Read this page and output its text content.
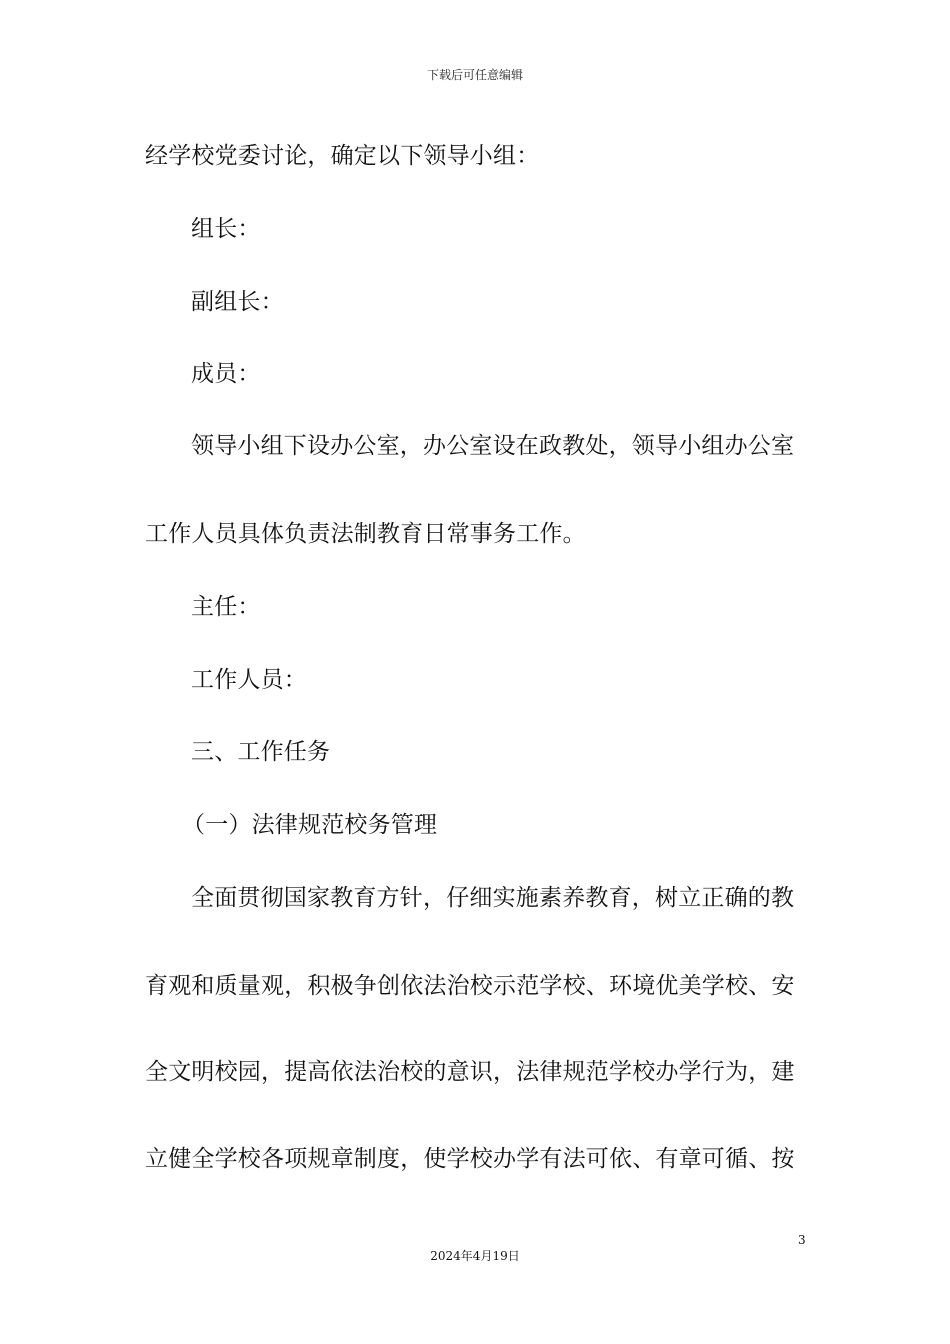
下载后可任意编辑
经学校党委讨论，确定以下领导小组：
组长：
副组长：
成员：
领导小组下设办公室，办公室设在政教处，领导小组办公室
工作人员具体负责法制教育日常事务工作。
主任：
工作人员：
三、工作任务
（一）法律规范校务管理
全面贯彻国家教育方针，仔细实施素养教育，树立正确的教
育观和质量观，积极争创依法治校示范学校、环境优美学校、安
全文明校园，提高依法治校的意识，法律规范学校办学行为，建
立健全学校各项规章制度，使学校办学有法可依、有章可循、按
3
2024年4月19日
